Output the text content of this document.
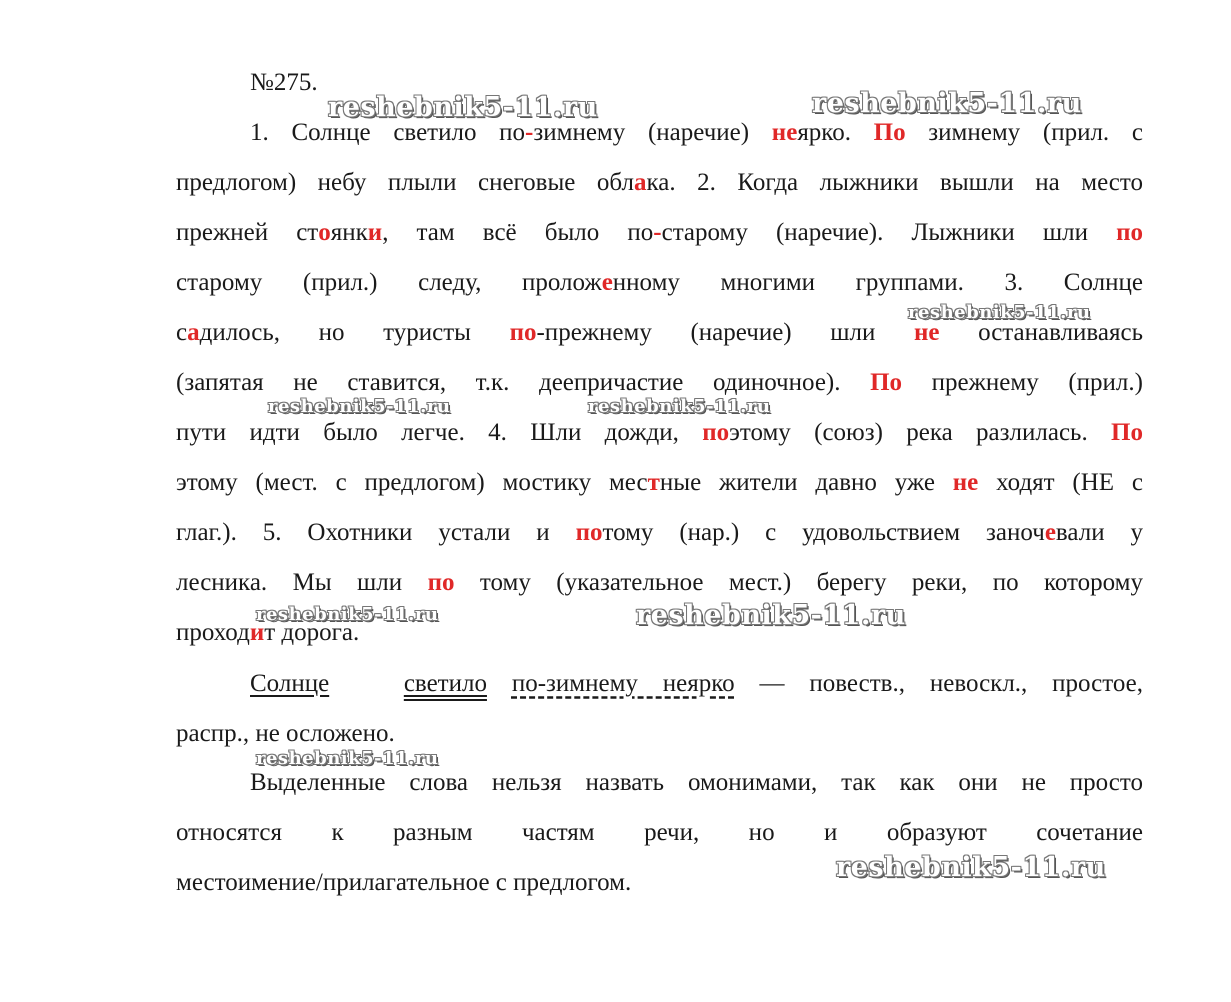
№275.
1. Солнце светило по-зимнему (наречие) неярко. По зимнему (прил. с
предлогом) небу плыли снеговые облака. 2. Когда лыжники вышли на место
прежней стоянки, там всё было по-старому (наречие). Лыжники шли по
старому (прил.) следу, проложенному многими группами. 3. Солнце
садилось, но туристы по-прежнему (наречие) шли не останавливаясь
(запятая не ставится, т.к. деепричастие одиночное). По прежнему (прил.)
пути идти было легче. 4. Шли дожди, поэтому (союз) река разлилась. По
этому (мест. с предлогом) мостику местные жители давно уже не ходят (НЕ с
глаг.). 5. Охотники устали и потому (нар.) с удовольствием заночевали у
лесника. Мы шли по тому (указательное мест.) берегу реки, по которому
проходит дорога.
Солнце	светило по-зимнему неярко — повеств., невоскл., простое,
распр., не осложено.
Выделенные слова нельзя назвать омонимами, так как они не просто
относятся к разным частям речи, но и образуют сочетание
местоимение/прилагательное с предлогом.
reshebnik5-11.ru	reshebnik5-11.ru
reshebnik5-11.ru
reshebnik5-11.ru	reshebnik5-11.ru
reshebnik5-11.ru	reshebnik5-11.ru
reshebnik5-11.ru
reshebnik5-11.ru
